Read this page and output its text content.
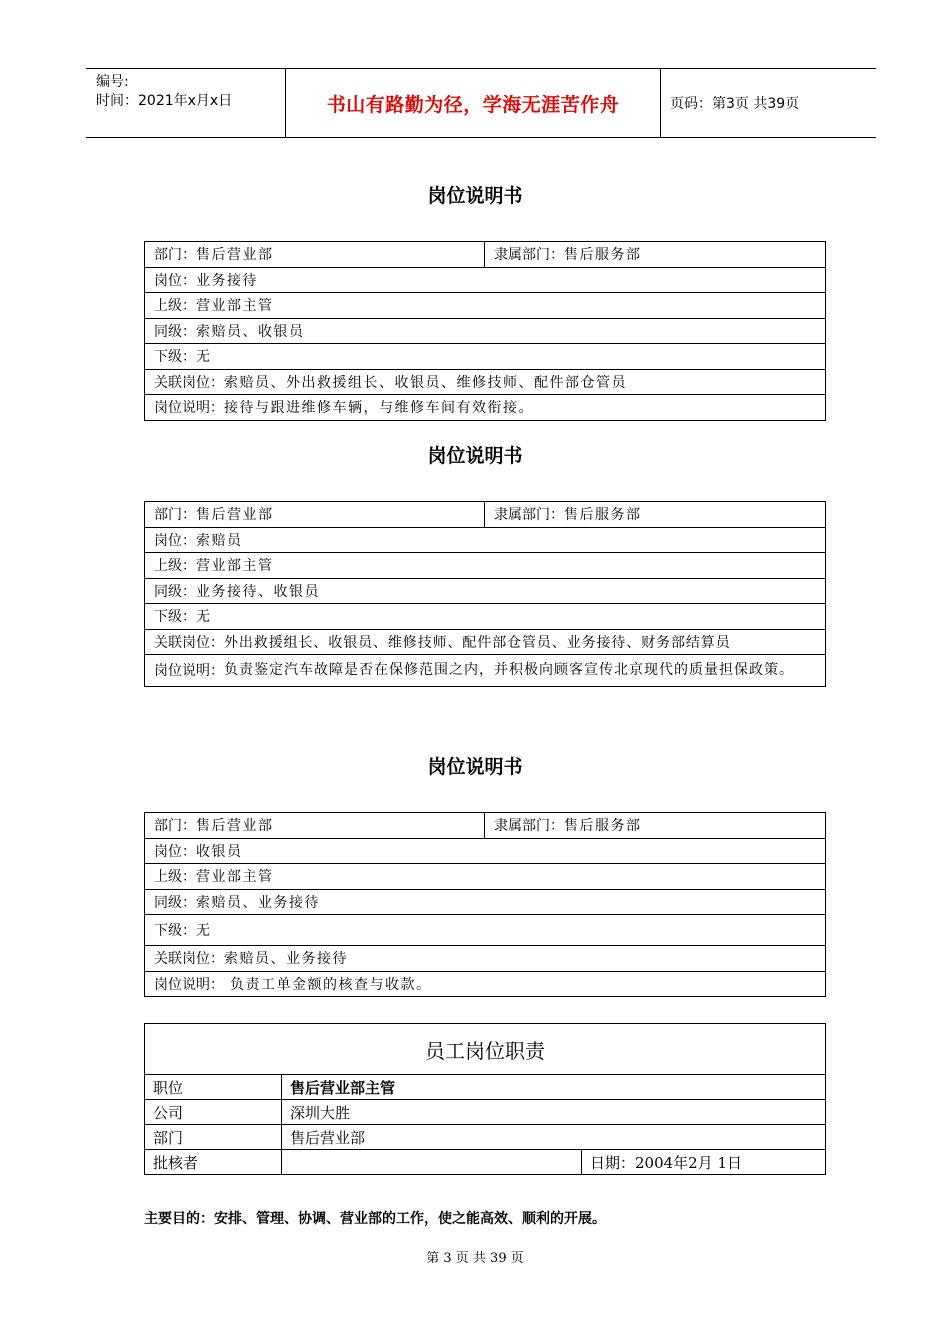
编号:
时间：2021年x月x日	书山有路勤为径，学海无涯苦作舟	页码：第3页 共39页
岗位说明书
部门：售后营业部	隶属部门：售后服务部
岗位：业务接待
上级：营业部主管
同级：索赔员、收银员
下级：无
关联岗位：索赔员、外出救援组长、收银员、维修技师、配件部仓管员
岗位说明：接待与跟进维修车辆，与维修车间有效衔接。
岗位说明书
部门：售后营业部	隶属部门：售后服务部
岗位：索赔员
上级：营业部主管
同级：业务接待、收银员
下级：无
关联岗位：外出救援组长、收银员、维修技师、配件部仓管员、业务接待、财务部结算员

岗位说明： 负责鉴定汽车故障是否在保修范围之内，并积极向顾客宣传北京现代的质量担保政策。
岗位说明书
部门：售后营业部	隶属部门：售后服务部
岗位：收银员
上级：营业部主管
同级：索赔员、业务接待
下级：无
关联岗位：索赔员、业务接待
岗位说明： 负责工单金额的核查与收款。
员工岗位职责		
职位	售后营业部主管	
公司	深圳大胜	
部门	售后营业部	
批核者		日期：2004年2月 1日
主要目的：安排、管理、协调、营业部的工作，使之能高效、顺利的开展。
第 3 页 共 39 页
